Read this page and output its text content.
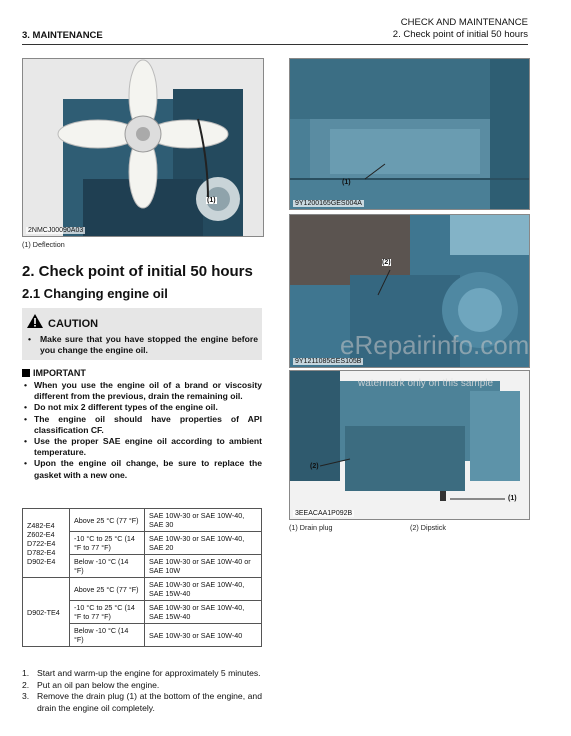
3. MAINTENANCE
CHECK AND MAINTENANCE
2. Check point of initial 50 hours
(1)
2NMCJ00090A03
(1) Deflection
(1)
9Y1200165GES004A
(2)
9Y1211085GES105B
(2)
(1)
3EEACAA1P092B
(1) Drain plug	(2) Dipstick
eRepairinfo.com
watermark only on this sample
2. Check point of initial 50 hours
2.1 Changing engine oil
CAUTION
• Make sure that you have stopped the engine before you change the engine oil.
IMPORTANT
• When you use the engine oil of a brand or viscosity different from the previous, drain the remaining oil.
• Do not mix 2 different types of the engine oil.
• The engine oil should have properties of API classification CF.
• Use the proper SAE engine oil according to ambient temperature.
• Upon the engine oil change, be sure to replace the gasket with a new one.
Z482-E4
Z602-E4
D722-E4
D782-E4
D902-E4	Above 25 °C (77 °F)	SAE 10W-30 or SAE 10W-40, SAE 30
	-10 °C to 25 °C (14 °F to 77 °F)	SAE 10W-30 or SAE 10W-40, SAE 20
	Below -10 °C (14 °F)	SAE 10W-30 or SAE 10W-40 or SAE 10W
D902-TE4	Above 25 °C (77 °F)	SAE 10W-30 or SAE 10W-40, SAE 15W-40
	-10 °C to 25 °C (14 °F to 77 °F)	SAE 10W-30 or SAE 10W-40, SAE 15W-40
	Below -10 °C (14 °F)	SAE 10W-30 or SAE 10W-40
1. Start and warm-up the engine for approximately 5 minutes.
2. Put an oil pan below the engine.
3. Remove the drain plug (1) at the bottom of the engine, and drain the engine oil completely.
